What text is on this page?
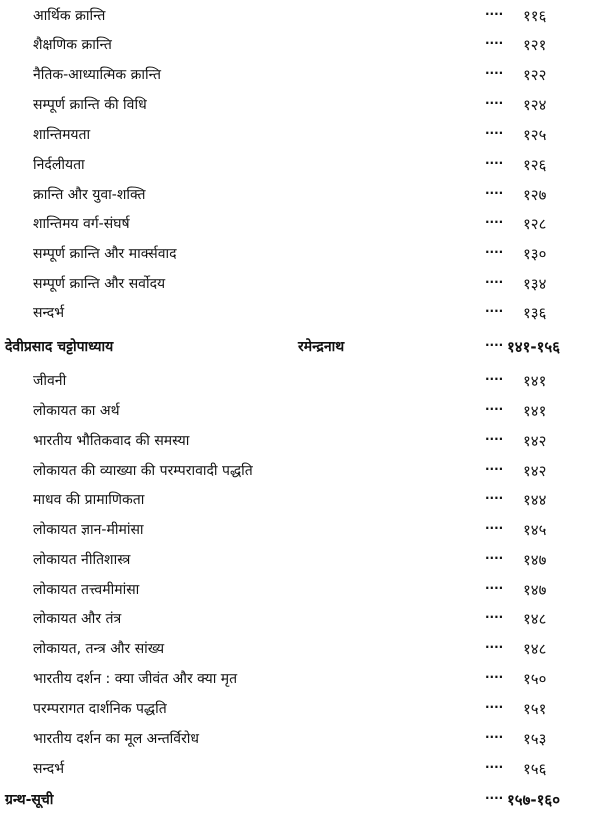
आर्थिक क्रान्ति	···· ११६
शैक्षणिक क्रान्ति	···· १२१
नैतिक-आध्यात्मिक क्रान्ति	···· १२२
सम्पूर्ण क्रान्ति की विधि	···· १२४
शान्तिमयता	···· १२५
निर्दलीयता	···· १२६
क्रान्ति और युवा-शक्ति	···· १२७
शान्तिमय वर्ग-संघर्ष	···· १२८
सम्पूर्ण क्रान्ति और मार्क्सवाद	···· १३०
सम्पूर्ण क्रान्ति और सर्वोदय	···· १३४
सन्दर्भ	···· १३६
देवीप्रसाद चट्टोपाध्याय	रमेन्द्रनाथ	···· १४१-१५६
जीवनी	···· १४१
लोकायत का अर्थ	···· १४१
भारतीय भौतिकवाद की समस्या	···· १४२
लोकायत की व्याख्या की परम्परावादी पद्धति	···· १४२
माधव की प्रामाणिकता	···· १४४
लोकायत ज्ञान-मीमांसा	···· १४५
लोकायत नीतिशास्त्र	···· १४७
लोकायत तत्त्वमीमांसा	···· १४७
लोकायत और तंत्र	···· १४८
लोकायत, तन्त्र और सांख्य	···· १४८
भारतीय दर्शन : क्या जीवंत और क्या मृत	···· १५०
परम्परागत दार्शनिक पद्धति	···· १५१
भारतीय दर्शन का मूल अन्तर्विरोध	···· १५३
सन्दर्भ	···· १५६
ग्रन्थ-सूची	···· १५७-१६०
